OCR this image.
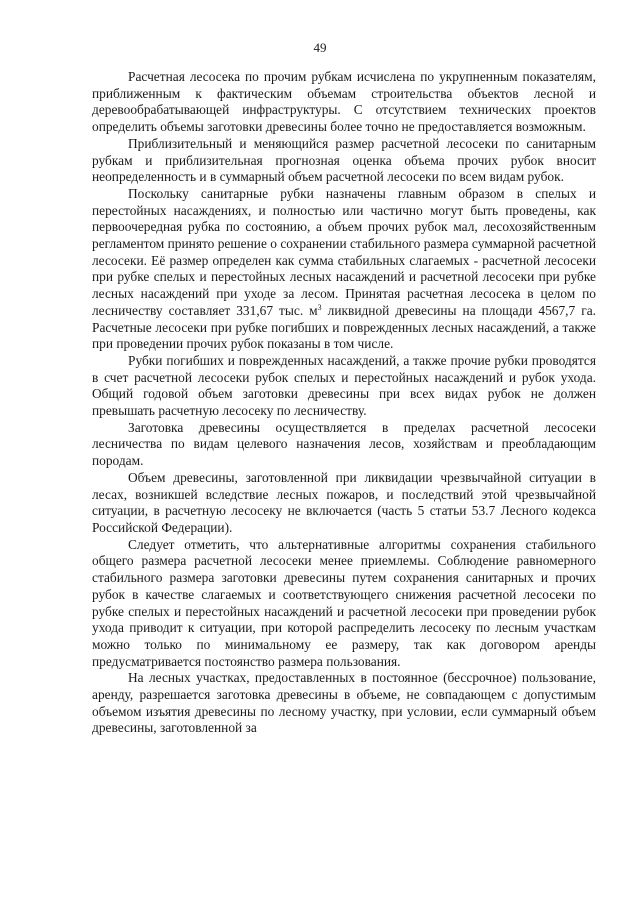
49

Расчетная лесосека по прочим рубкам исчислена по укрупненным показателям, приближенным к фактическим объемам строительства объектов лесной и деревообрабатывающей инфраструктуры. С отсутствием технических проектов определить объемы заготовки древесины более точно не предоставляется возможным.

Приблизительный и меняющийся размер расчетной лесосеки по санитарным рубкам и приблизительная прогнозная оценка объема прочих рубок вносит неопределенность и в суммарный объем расчетной лесосеки по всем видам рубок.

Поскольку санитарные рубки назначены главным образом в спелых и перестойных насаждениях, и полностью или частично могут быть проведены, как первоочередная рубка по состоянию, а объем прочих рубок мал, лесохозяйственным регламентом принято решение о сохранении стабильного размера суммарной расчетной лесосеки. Её размер определен как сумма стабильных слагаемых - расчетной лесосеки при рубке спелых и перестойных лесных насаждений и расчетной лесосеки при рубке лесных насаждений при уходе за лесом. Принятая расчетная лесосека в целом по лесничеству составляет 331,67 тыс. $м^3$ ликвидной древесины на площади 4567,7 га. Расчетные лесосеки при рубке погибших и поврежденных лесных насаждений, а также при проведении прочих рубок показаны в том числе.

Рубки погибших и поврежденных насаждений, а также прочие рубки проводятся в счет расчетной лесосеки рубок спелых и перестойных насаждений и рубок ухода. Общий годовой объем заготовки древесины при всех видах рубок не должен превышать расчетную лесосеку по лесничеству.

Заготовка древесины осуществляется в пределах расчетной лесосеки лесничества по видам целевого назначения лесов, хозяйствам и преобладающим породам.

Объем древесины, заготовленной при ликвидации чрезвычайной ситуации в лесах, возникшей вследствие лесных пожаров, и последствий этой чрезвычайной ситуации, в расчетную лесосеку не включается (часть 5 статьи 53.7 Лесного кодекса Российской Федерации).

Следует отметить, что альтернативные алгоритмы сохранения стабильного общего размера расчетной лесосеки менее приемлемы. Соблюдение равномерного стабильного размера заготовки древесины путем сохранения санитарных и прочих рубок в качестве слагаемых и соответствующего снижения расчетной лесосеки по рубке спелых и перестойных насаждений и расчетной лесосеки при проведении рубок ухода приводит к ситуации, при которой распределить лесосеку по лесным участкам можно только по минимальному ее размеру, так как договором аренды предусматривается постоянство размера пользования.

На лесных участках, предоставленных в постоянное (бессрочное) пользование, аренду, разрешается заготовка древесины в объеме, не совпадающем с допустимым объемом изъятия древесины по лесному участку, при условии, если суммарный объем древесины, заготовленной за
